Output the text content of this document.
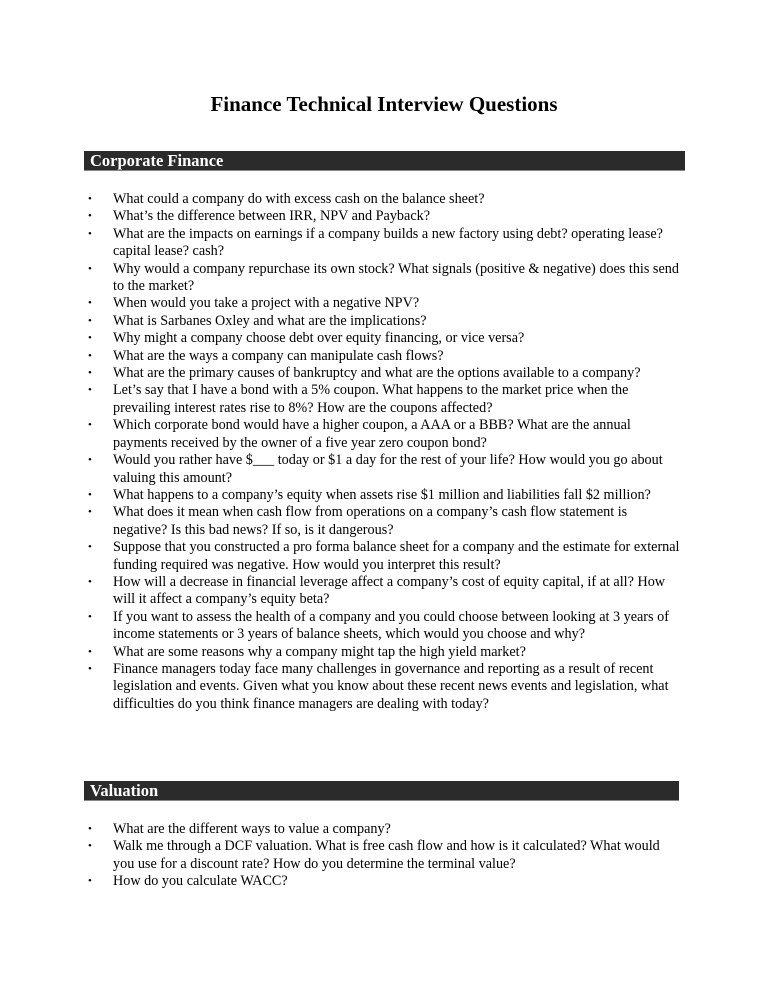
Finance Technical Interview Questions
Corporate Finance
• What could a company do with excess cash on the balance sheet?
• What’s the difference between IRR, NPV and Payback?
• What are the impacts on earnings if a company builds a new factory using debt? operating lease? capital lease? cash?
• Why would a company repurchase its own stock? What signals (positive & negative) does this send to the market?
• When would you take a project with a negative NPV?
• What is Sarbanes Oxley and what are the implications?
• Why might a company choose debt over equity financing, or vice versa?
• What are the ways a company can manipulate cash flows?
• What are the primary causes of bankruptcy and what are the options available to a company?
• Let’s say that I have a bond with a 5% coupon. What happens to the market price when the prevailing interest rates rise to 8%? How are the coupons affected?
• Which corporate bond would have a higher coupon, a AAA or a BBB? What are the annual payments received by the owner of a five year zero coupon bond?
• Would you rather have $___ today or $1 a day for the rest of your life? How would you go about valuing this amount?
• What happens to a company’s equity when assets rise $1 million and liabilities fall $2 million?
• What does it mean when cash flow from operations on a company’s cash flow statement is negative? Is this bad news? If so, is it dangerous?
• Suppose that you constructed a pro forma balance sheet for a company and the estimate for external funding required was negative. How would you interpret this result?
• How will a decrease in financial leverage affect a company’s cost of equity capital, if at all? How will it affect a company’s equity beta?
• If you want to assess the health of a company and you could choose between looking at 3 years of income statements or 3 years of balance sheets, which would you choose and why?
• What are some reasons why a company might tap the high yield market?
• Finance managers today face many challenges in governance and reporting as a result of recent legislation and events. Given what you know about these recent news events and legislation, what difficulties do you think finance managers are dealing with today?
Valuation
• What are the different ways to value a company?
• Walk me through a DCF valuation. What is free cash flow and how is it calculated? What would you use for a discount rate? How do you determine the terminal value?
• How do you calculate WACC?
